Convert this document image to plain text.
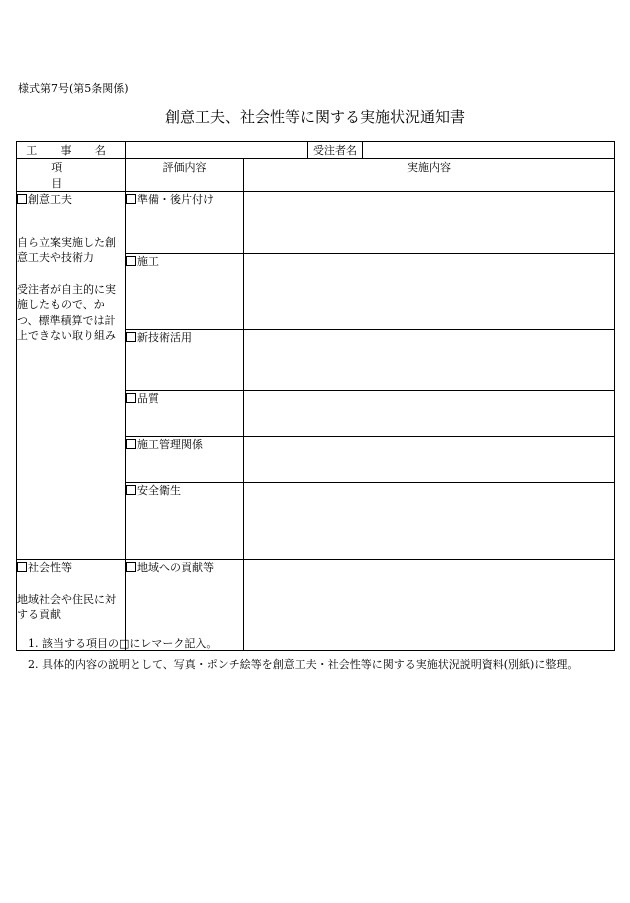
様式第7号(第5条関係)
創意工夫、社会性等に関する実施状況通知書
工 事 名			受注者名	
項 目	評価内容	実施内容		

創意工夫

自ら立案実施した創意工夫や技術力

受注者が自主的に実施したもので、かつ、標準積算では計上できない取り組み	準備・後片付け			
	施工			
	新技術活用			
	品質			
	施工管理関係			
	安全衛生			

社会性等

地域社会や住民に対する貢献	地域への貢献等			
1. 該当する項目の□にレマーク記入。
2. 具体的内容の説明として、写真・ポンチ絵等を創意工夫・社会性等に関する実施状況説明資料(別紙)に整理。
